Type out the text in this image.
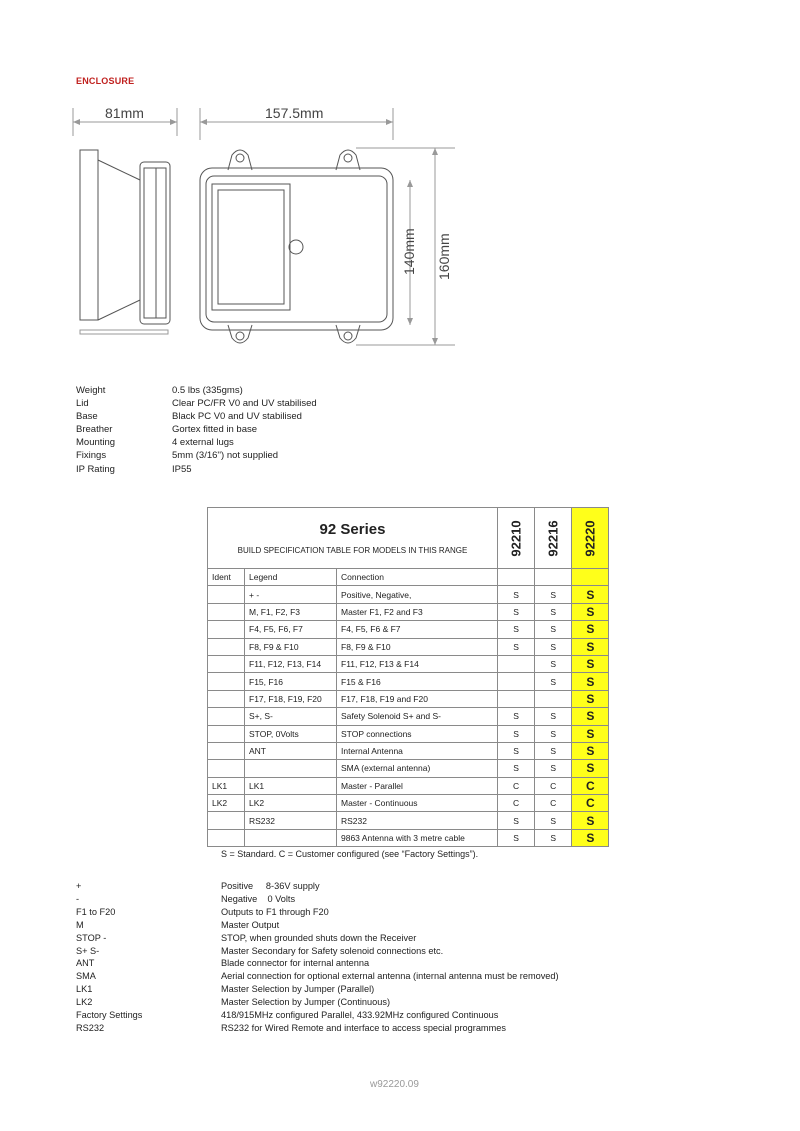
ENCLOSURE
81mm	157.5mm
140mm 160mm
Weight	0.5 lbs (335gms)
Lid	Clear PC/FR V0 and UV stabilised
Base	Black PC V0 and UV stabilised
Breather	Gortex fitted in base
Mounting	4 external lugs
Fixings	5mm (3/16'') not supplied
IP Rating	IP55
92 Series
BUILD SPECIFICATION TABLE FOR MODELS IN THIS RANGE			92210	92216	92220
Ident	Legend	Connection			
	+ -	Positive, Negative,	S	S	S
	M, F1, F2, F3	Master F1, F2 and F3	S	S	S
	F4, F5, F6, F7	F4, F5, F6 & F7	S	S	S
	F8, F9 & F10	F8, F9 & F10	S	S	S
	F11, F12, F13, F14	F11, F12, F13 & F14		S	S
	F15, F16	F15 & F16		S	S
	F17, F18, F19, F20	F17, F18, F19 and F20			S
	S+, S-	Safety Solenoid S+ and S-	S	S	S
	STOP, 0Volts	STOP connections	S	S	S
	ANT	Internal Antenna	S	S	S
		SMA (external antenna)	S	S	S
LK1	LK1	Master - Parallel	C	C	C
LK2	LK2	Master - Continuous	C	C	C
	RS232	RS232	S	S	S
		9863 Antenna with 3 metre cable	S	S	S
S = Standard. C = Customer configured (see “Factory Settings”).
+	Positive     8-36V supply
-	Negative    0 Volts
F1 to F20	Outputs to F1 through F20
M	Master Output
STOP -	STOP, when grounded shuts down the Receiver
S+ S-	Master Secondary for Safety solenoid connections etc.
ANT	Blade connector for internal antenna
SMA	Aerial connection for optional external antenna (internal antenna must be removed)
LK1	Master Selection by Jumper (Parallel)
LK2	Master Selection by Jumper (Continuous)
Factory Settings	418/915MHz configured Parallel, 433.92MHz configured Continuous
RS232	RS232 for Wired Remote and interface to access special programmes
w92220.09
